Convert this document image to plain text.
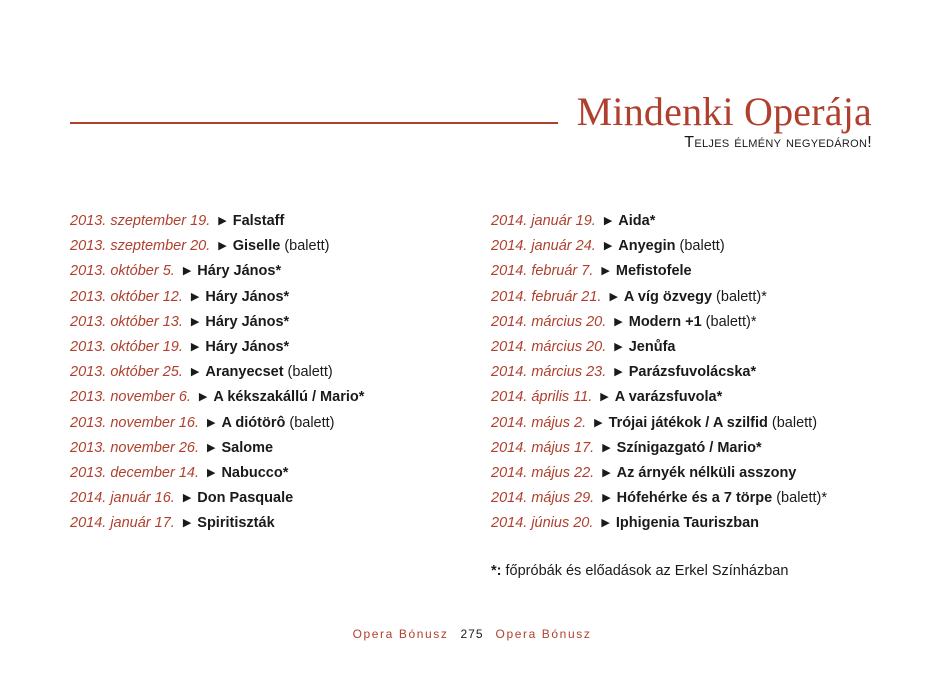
Mindenki Operája
Teljes élmény negyedáron!
2013. szeptember 19. ▶ Falstaff
2013. szeptember 20. ▶ Giselle (balett)
2013. október 5. ▶ Háry János*
2013. október 12. ▶ Háry János*
2013. október 13. ▶ Háry János*
2013. október 19. ▶ Háry János*
2013. október 25. ▶ Aranyecset (balett)
2013. november 6. ▶ A kékszakállú / Mario*
2013. november 16. ▶ A diótörô (balett)
2013. november 26. ▶ Salome
2013. december 14. ▶ Nabucco*
2014. január 16. ▶ Don Pasquale
2014. január 17. ▶ Spiritiszták
2014. január 19. ▶ Aida*
2014. január 24. ▶ Anyegin (balett)
2014. február 7. ▶ Mefistofele
2014. február 21. ▶ A víg özvegy (balett)*
2014. március 20. ▶ Modern +1 (balett)*
2014. március 20. ▶ Jenůfa
2014. március 23. ▶ Parázsfuvolácska*
2014. április 11. ▶ A varázsfuvola*
2014. május 2. ▶ Trójai játékok / A szilfid (balett)
2014. május 17. ▶ Színigazgató / Mario*
2014. május 22. ▶ Az árnyék nélküli asszony
2014. május 29. ▶ Hófehérke és a 7 törpe (balett)*
2014. június 20. ▶ Iphigenia Tauriszban
*: főpróbák és előadások az Erkel Színházban
Opera Bónusz 275 Opera Bónusz
